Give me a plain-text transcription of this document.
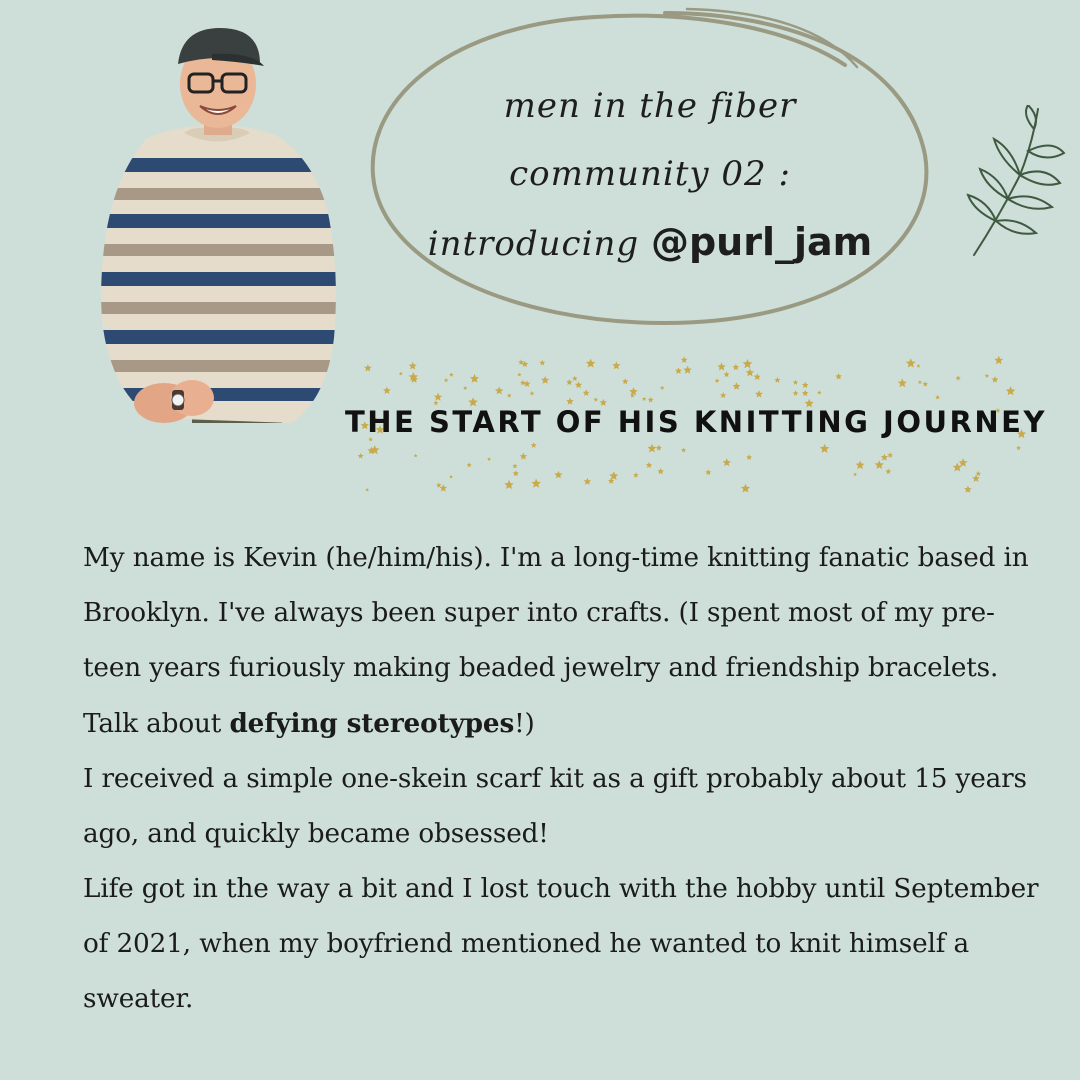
men in the fiber
community 02 :
introducing @purl_jam
THE START OF HIS KNITTING JOURNEY

My name is Kevin (he/him/his). I'm a long-time knitting fanatic based in Brooklyn. I've always been super into crafts. (I spent most of my pre-teen years furiously making beaded jewelry and friendship bracelets. Talk about defying stereotypes!)

I received a simple one-skein scarf kit as a gift probably about 15 years ago, and quickly became obsessed!

Life got in the way a bit and I lost touch with the hobby until September of 2021, when my boyfriend mentioned he wanted to knit himself a sweater.
